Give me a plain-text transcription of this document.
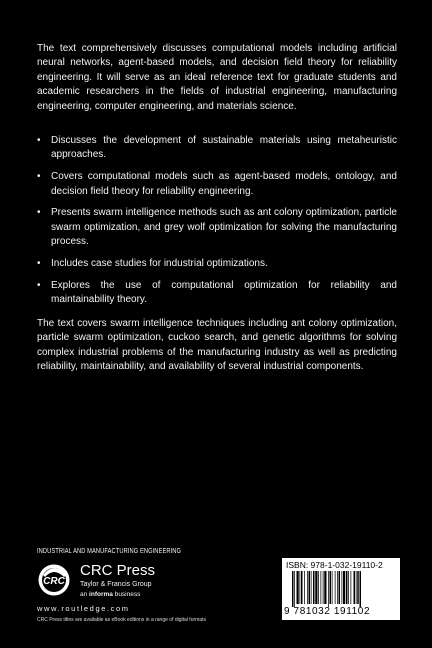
The text comprehensively discusses computational models including artificial neural networks, agent-based models, and decision field theory for reliability engineering. It will serve as an ideal reference text for graduate students and academic researchers in the fields of industrial engineering, manufacturing engineering, computer engineering, and materials science.

• Discusses the development of sustainable materials using metaheuristic approaches.
• Covers computational models such as agent-based models, ontology, and decision field theory for reliability engineering.
• Presents swarm intelligence methods such as ant colony optimization, particle swarm optimization, and grey wolf optimization for solving the manufacturing process.
• Includes case studies for industrial optimizations.
• Explores the use of computational optimization for reliability and maintainability theory.

The text covers swarm intelligence techniques including ant colony optimization, particle swarm optimization, cuckoo search, and genetic algorithms for solving complex industrial problems of the manufacturing industry as well as predicting reliability, maintainability, and availability of several industrial components.

INDUSTRIAL AND MANUFACTURING ENGINEERING
CRC
CRC Press
Taylor & Francis Group
an informa business
www.routledge.com
CRC Press titles are available as eBook editions in a range of digital formats
ISBN: 978-1-032-19110-2
9 781032 191102
